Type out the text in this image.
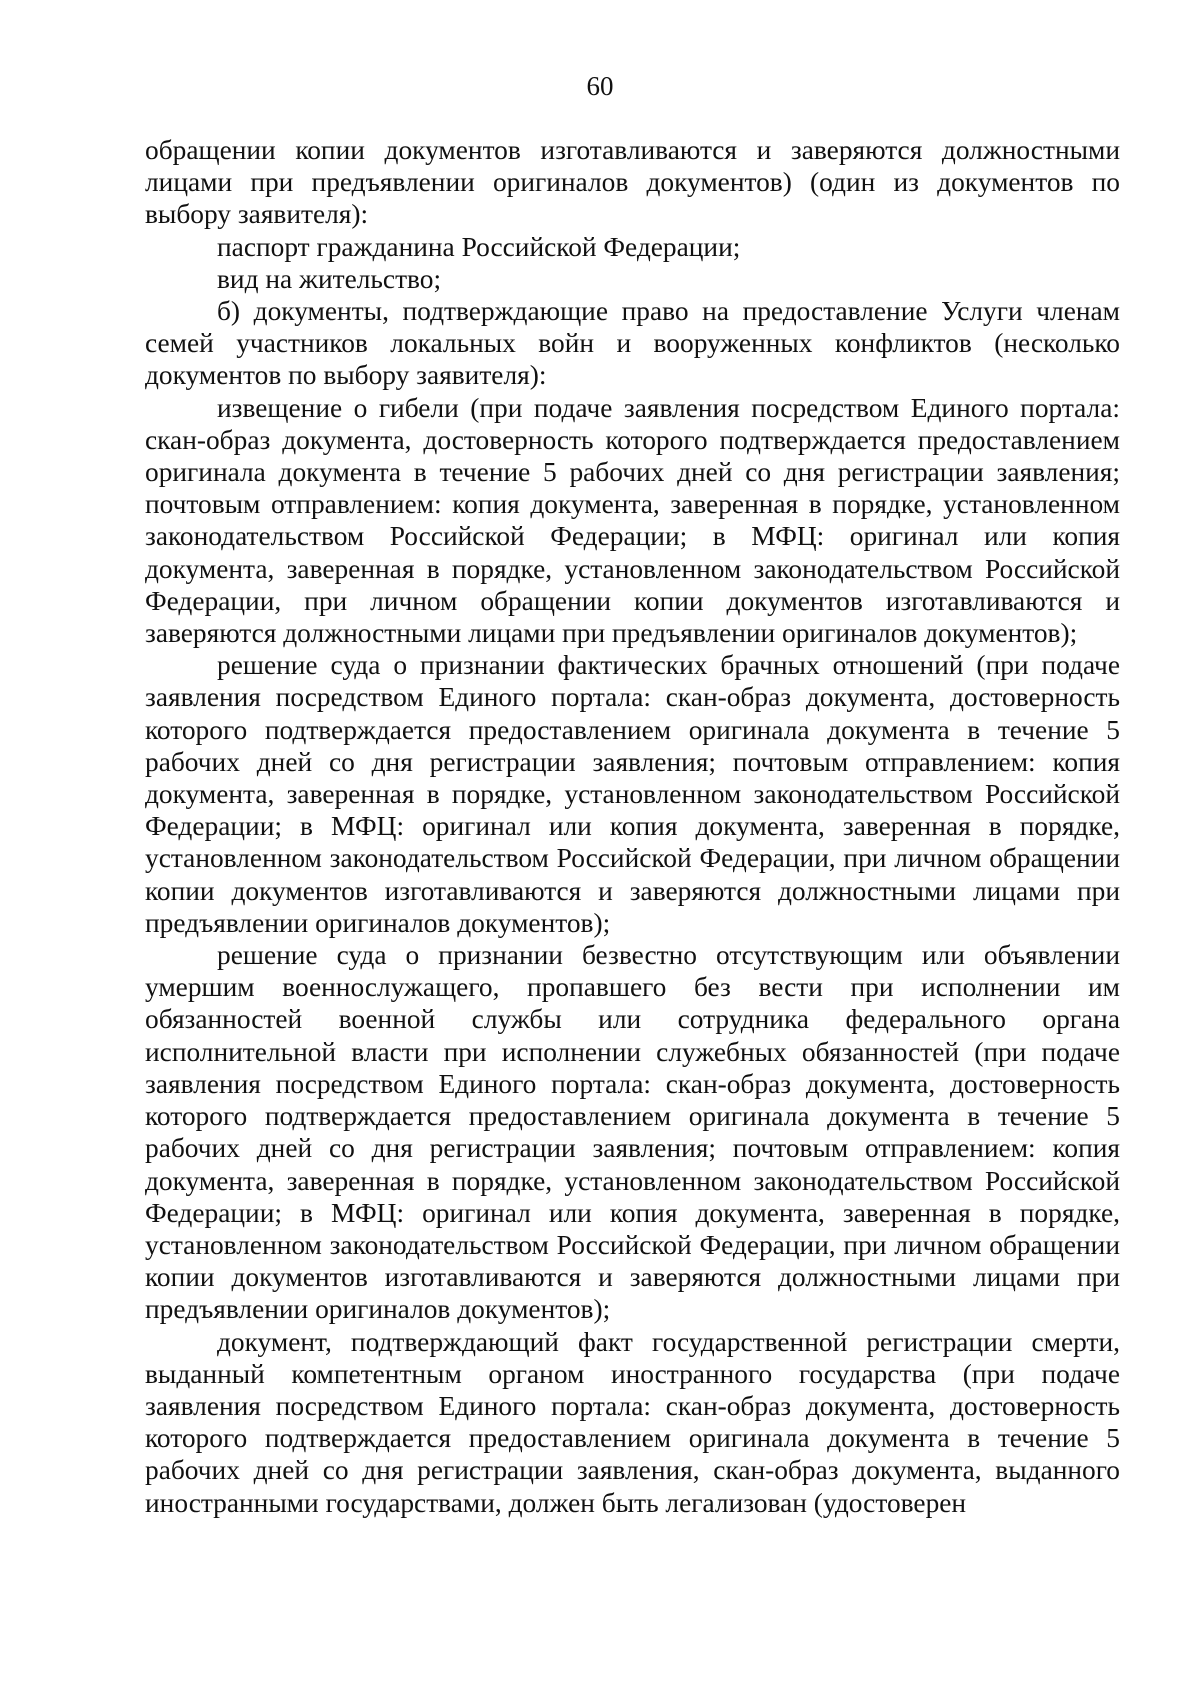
60

обращении копии документов изготавливаются и заверяются должностными лицами при предъявлении оригиналов документов) (один из документов по выбору заявителя):

паспорт гражданина Российской Федерации;

вид на жительство;

б) документы, подтверждающие право на предоставление Услуги членам семей участников локальных войн и вооруженных конфликтов (несколько документов по выбору заявителя):

извещение о гибели (при подаче заявления посредством Единого портала: скан-образ документа, достоверность которого подтверждается предоставлением оригинала документа в течение 5 рабочих дней со дня регистрации заявления; почтовым отправлением: копия документа, заверенная в порядке, установленном законодательством Российской Федерации; в МФЦ: оригинал или копия документа, заверенная в порядке, установленном законодательством Российской Федерации, при личном обращении копии документов изготавливаются и заверяются должностными лицами при предъявлении оригиналов документов);

решение суда о признании фактических брачных отношений (при подаче заявления посредством Единого портала: скан-образ документа, достоверность которого подтверждается предоставлением оригинала документа в течение 5 рабочих дней со дня регистрации заявления; почтовым отправлением: копия документа, заверенная в порядке, установленном законодательством Российской Федерации; в МФЦ: оригинал или копия документа, заверенная в порядке, установленном законодательством Российской Федерации, при личном обращении копии документов изготавливаются и заверяются должностными лицами при предъявлении оригиналов документов);

решение суда о признании безвестно отсутствующим или объявлении умершим военнослужащего, пропавшего без вести при исполнении им обязанностей военной службы или сотрудника федерального органа исполнительной власти при исполнении служебных обязанностей (при подаче заявления посредством Единого портала: скан-образ документа, достоверность которого подтверждается предоставлением оригинала документа в течение 5 рабочих дней со дня регистрации заявления; почтовым отправлением: копия документа, заверенная в порядке, установленном законодательством Российской Федерации; в МФЦ: оригинал или копия документа, заверенная в порядке, установленном законодательством Российской Федерации, при личном обращении копии документов изготавливаются и заверяются должностными лицами при предъявлении оригиналов документов);

документ, подтверждающий факт государственной регистрации смерти, выданный компетентным органом иностранного государства (при подаче заявления посредством Единого портала: скан-образ документа, достоверность которого подтверждается предоставлением оригинала документа в течение 5 рабочих дней со дня регистрации заявления, скан-образ документа, выданного иностранными государствами, должен быть легализован (удостоверен
